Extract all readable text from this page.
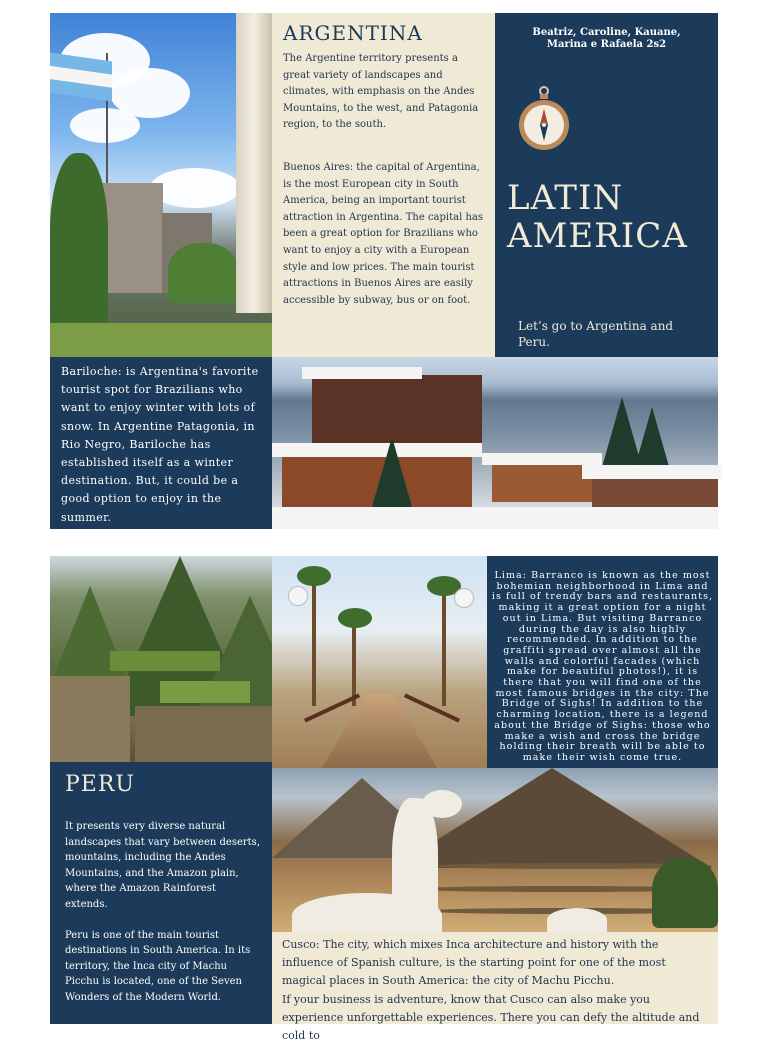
ARGENTINA

The Argentine territory presents a great variety of landscapes and climates, with emphasis on the Andes Mountains, to the west, and Patagonia region, to the south.

Buenos Aires: the capital of Argentina, is the most European city in South America, being an important tourist attraction in Argentina. The capital has been a great option for Brazilians who want to enjoy a city with a European style and low prices. The main tourist attractions in Buenos Aires are easily accessible by subway, bus or on foot.

Beatriz, Caroline, Kauane,
Marina e Rafaela 2s2
LATIN
AMERICA
Let’s go to Argentina and Peru.
Bariloche: is Argentina's favorite tourist spot for Brazilians who want to enjoy winter with lots of snow. In Argentine Patagonia, in Rio Negro, Bariloche has established itself as a winter destination. But, it could be a good option to enjoy in the summer.
Lima: Barranco is known as the most bohemian neighborhood in Lima and is full of trendy bars and restaurants, making it a great option for a night out in Lima. But visiting Barranco during the day is also highly recommended. In addition to the graffiti spread over almost all the walls and colorful facades (which make for beautiful photos!), it is there that you will find one of the most famous bridges in the city: The Bridge of Sighs! In addition to the charming location, there is a legend about the Bridge of Sighs: those who make a wish and cross the bridge holding their breath will be able to make their wish come true.
PERU

It presents very diverse natural landscapes that vary between deserts, mountains, including the Andes Mountains, and the Amazon plain, where the Amazon Rainforest extends.

Peru is one of the main tourist destinations in South America. In its territory, the Inca city of Machu Picchu is located, one of the Seven Wonders of the Modern World.

Cusco: The city, which mixes Inca architecture and history with the influence of Spanish culture, is the starting point for one of the most magical places in South America: the city of Machu Picchu.
If your business is adventure, know that Cusco can also make you experience unforgettable experiences. There you can defy the altitude and cold to
